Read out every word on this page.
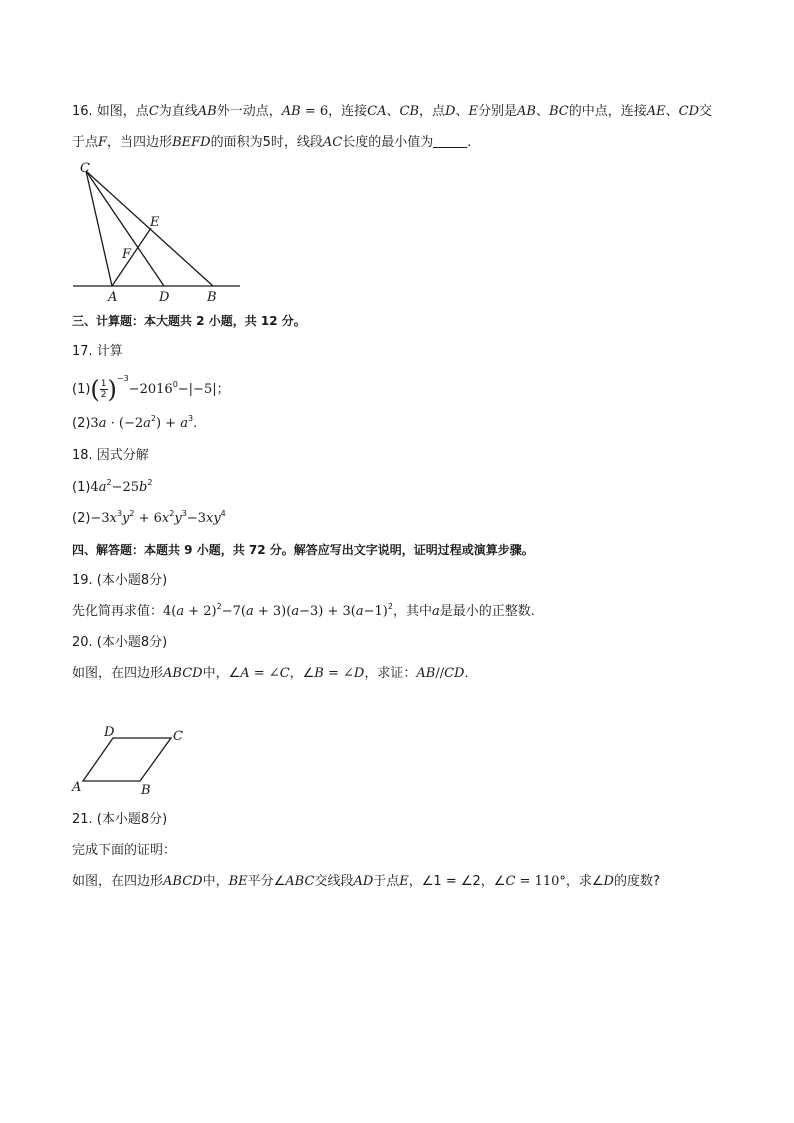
16. 如图，点C为直线AB外一动点，AB = 6，连接CA、CB，点D、E分别是AB、BC的中点，连接AE、CD交
于点F，当四边形BEFD的面积为5时，线段AC长度的最小值为	.
C
E
F
A	D	B
三、计算题：本大题共 2 小题，共 12 分。
17. 计算
$(1)( \frac{1}{2} )^{-3}-2016^0-|-5|$；
$(2)3a \cdot (-2a^2) + a^3$.
18. 因式分解
$(1)4a^2-25b^2$
$(2)-3x^3y^2 + 6x^2y^3-3xy^4$
四、解答题：本题共 9 小题，共 72 分。解答应写出文字说明，证明过程或演算步骤。
19. (本小题8分)
先化简再求值：$4(a + 2)^2-7(a + 3)(a-3) + 3(a-1)^2$，其中a是最小的正整数.
20. (本小题8分)
如图，在四边形ABCD中，∠A = ∠C，∠B = ∠D，求证：AB//CD．
D	C
A	B
21. (本小题8分)
完成下面的证明：
如图，在四边形ABCD中，BE平分∠ABC交线段AD于点E，∠1 = ∠2，∠C = 110°，求∠D的度数?
